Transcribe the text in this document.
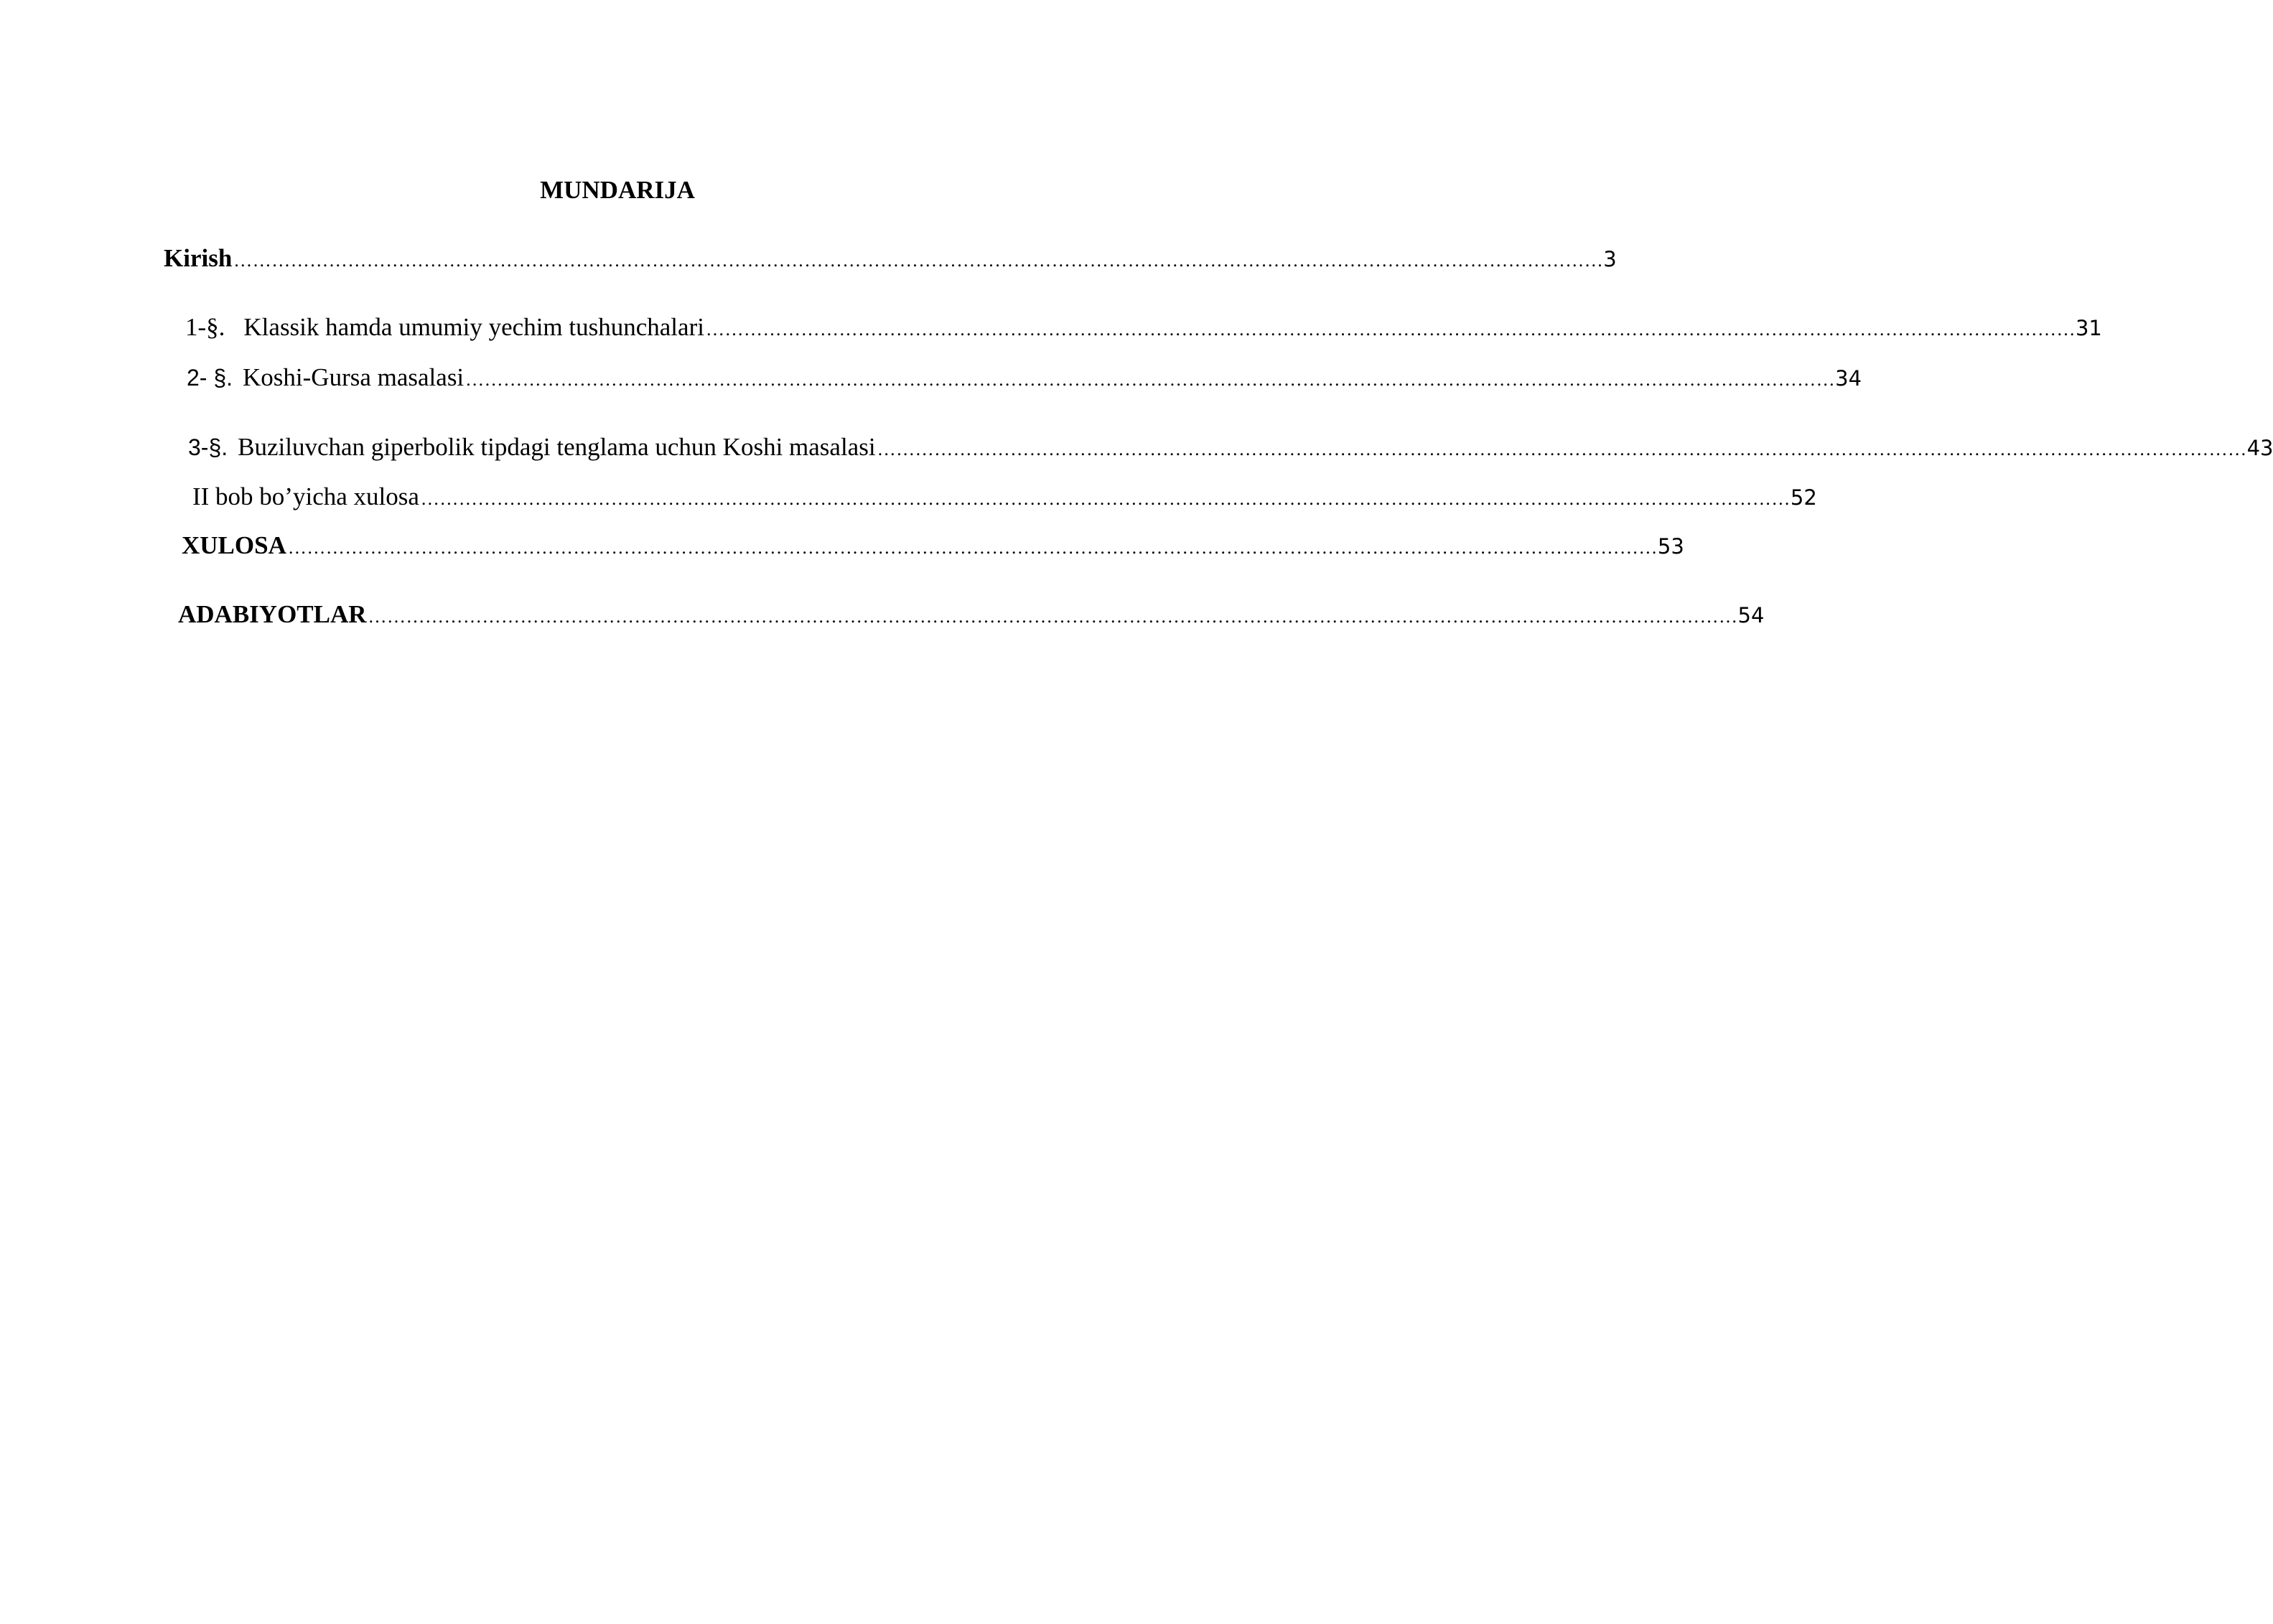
MUNDARIJA
Kirish ……………………………………………………………………………………………………………………………………………………………………………………………… 3
1-§. Klassik hamda umumiy yechim tushunchalari ……………………………………………………………………………………………………………………………………………………………………………………………… 31
2- §. Koshi-Gursa masalasi ……………………………………………………………………………………………………………………………………………………………………………………………… 34
3-§. Buziluvchan giperbolik tipdagi tenglama uchun Koshi masalasi ……………………………………………………………………………………………………………………………………………………………………………………………… 43
II bob bo’yicha xulosa ……………………………………………………………………………………………………………………………………………………………………………………………… 52
XULOSA ……………………………………………………………………………………………………………………………………………………………………………………………… 53
ADABIYOTLAR ……………………………………………………………………………………………………………………………………………………………………………………………… 54
